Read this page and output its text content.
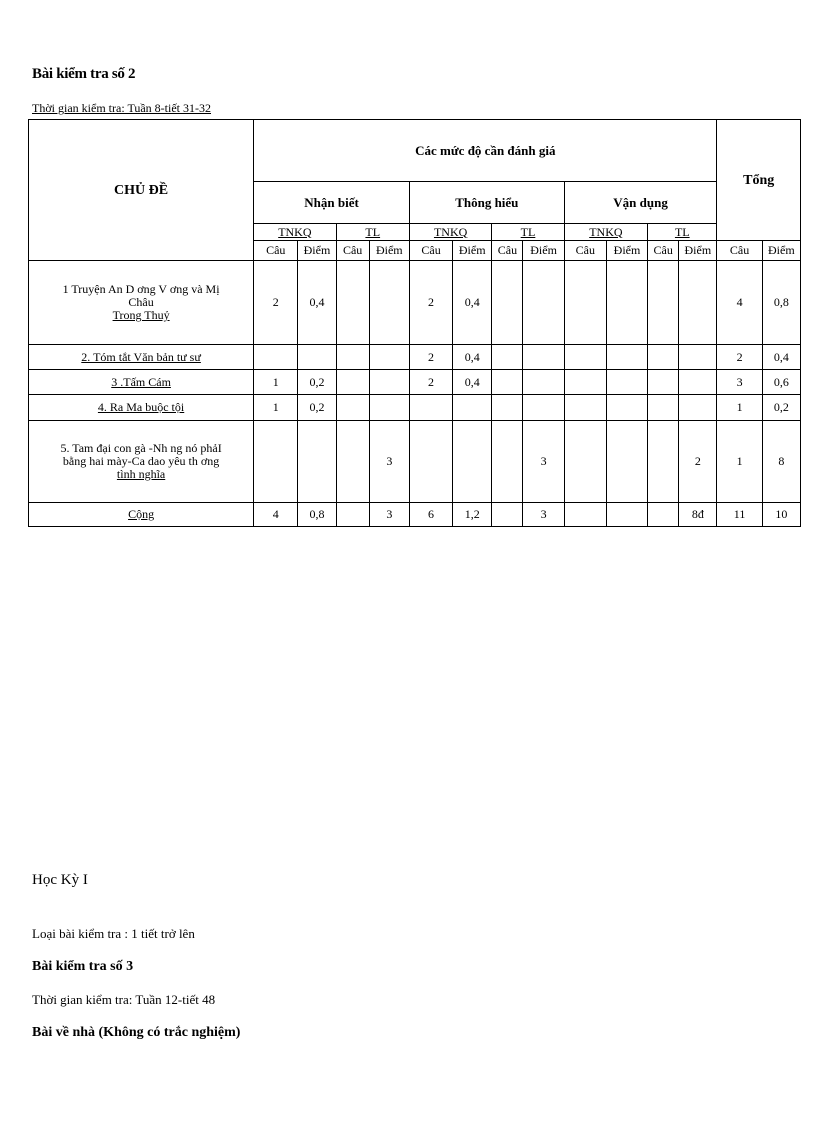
Bài kiểm tra số 2
Thời gian kiểm tra: Tuần 8-tiết 31-32
CHỦ ĐỀ	Các mức độ cần đánh giá												Tổng	
	Nhận biết				Thông hiểu				Vận dụng					
	TNKQ		TL		TNKQ		TL		TNKQ		TL			
	Câu	Điểm	Câu	Điểm	Câu	Điểm	Câu	Điểm	Câu	Điểm	Câu	Điểm	Câu	Điểm

1 Truyện An D ơng V ơng và Mị
Châu
Trong Thuỷ	2	0,4			2	0,4							4	0,8
2. Tóm tắt Văn bản tư sư					2	0,4							2	0,4
3 .Tấm Cám	1	0,2			2	0,4							3	0,6
4. Ra Ma buộc tội	1	0,2											1	0,2

5. Tam đại con gà -Nh ng nó phảI
bằng hai mày-Ca dao yêu th ơng
tình nghĩa				3				3				2	1	8
Cộng	4	0,8		3	6	1,2		3				8đ	11	10
Học Kỳ I
Loại bài kiểm tra : 1 tiết trở lên
Bài kiểm tra số 3
Thời gian kiểm tra: Tuần 12-tiết 48
Bài về nhà (Không có trắc nghiệm)
